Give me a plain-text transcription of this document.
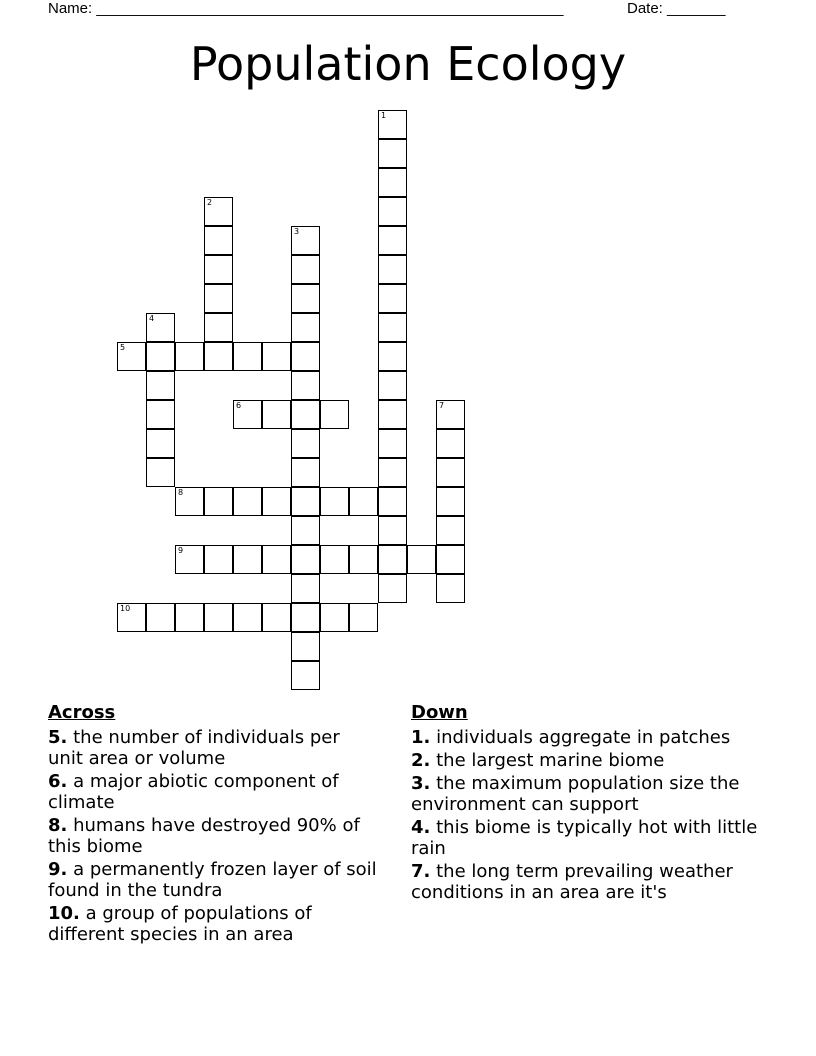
Name: ________________________________________________________	Date: _______
Population Ecology
1
2
3
4
5
6	7
8
9
10
Across
5. the number of individuals per unit area or volume
6. a major abiotic component of climate
8. humans have destroyed 90% of this biome
9. a permanently frozen layer of soil found in the tundra
10. a group of populations of different species in an area
Down
1. individuals aggregate in patches
2. the largest marine biome
3. the maximum population size the environment can support
4. this biome is typically hot with little rain
7. the long term prevailing weather conditions in an area are it's
